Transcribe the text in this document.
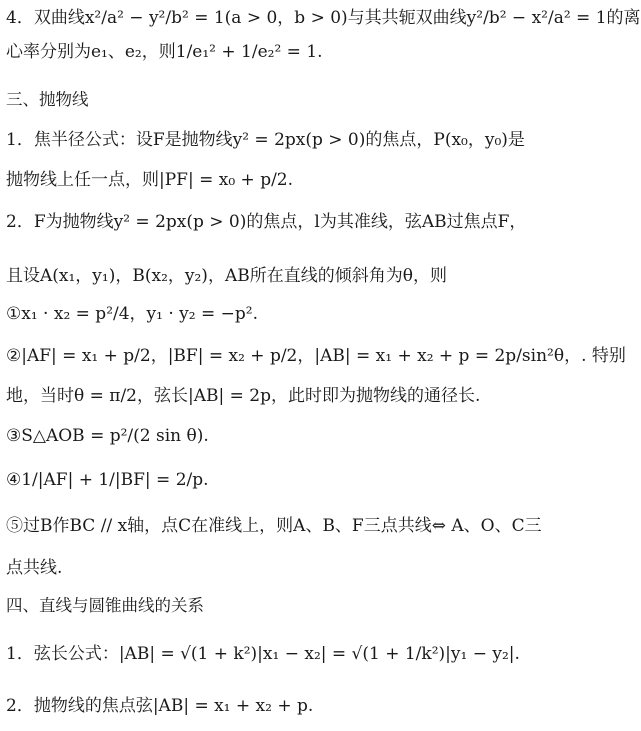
4．双曲线x²/a² − y²/b² = 1(a > 0，b > 0)与其共轭双曲线y²/b² − x²/a² = 1的离
心率分别为e₁、e₂，则1/e₁² + 1/e₂² = 1.
三、抛物线
1．焦半径公式：设F是抛物线y² = 2px(p > 0)的焦点，P(x₀，y₀)是
抛物线上任一点，则|PF| = x₀ + p/2.
2．F为抛物线y² = 2px(p > 0)的焦点，l为其准线，弦AB过焦点F，
且设A(x₁，y₁)，B(x₂，y₂)，AB所在直线的倾斜角为θ，则
①x₁ · x₂ = p²/4，y₁ · y₂ = −p².
②|AF| = x₁ + p/2，|BF| = x₂ + p/2，|AB| = x₁ + x₂ + p = 2p/sin²θ，. 特别
地，当时θ = π/2，弦长|AB| = 2p，此时即为抛物线的通径长.
③S△AOB = p²/(2 sin θ).
④1/|AF| + 1/|BF| = 2/p.
⑤过B作BC // x轴，点C在准线上，则A、B、F三点共线⇔ A、O、C三
点共线.
四、直线与圆锥曲线的关系
1．弦长公式：|AB| = √(1 + k²)|x₁ − x₂| = √(1 + 1/k²)|y₁ − y₂|.
2．抛物线的焦点弦|AB| = x₁ + x₂ + p.
